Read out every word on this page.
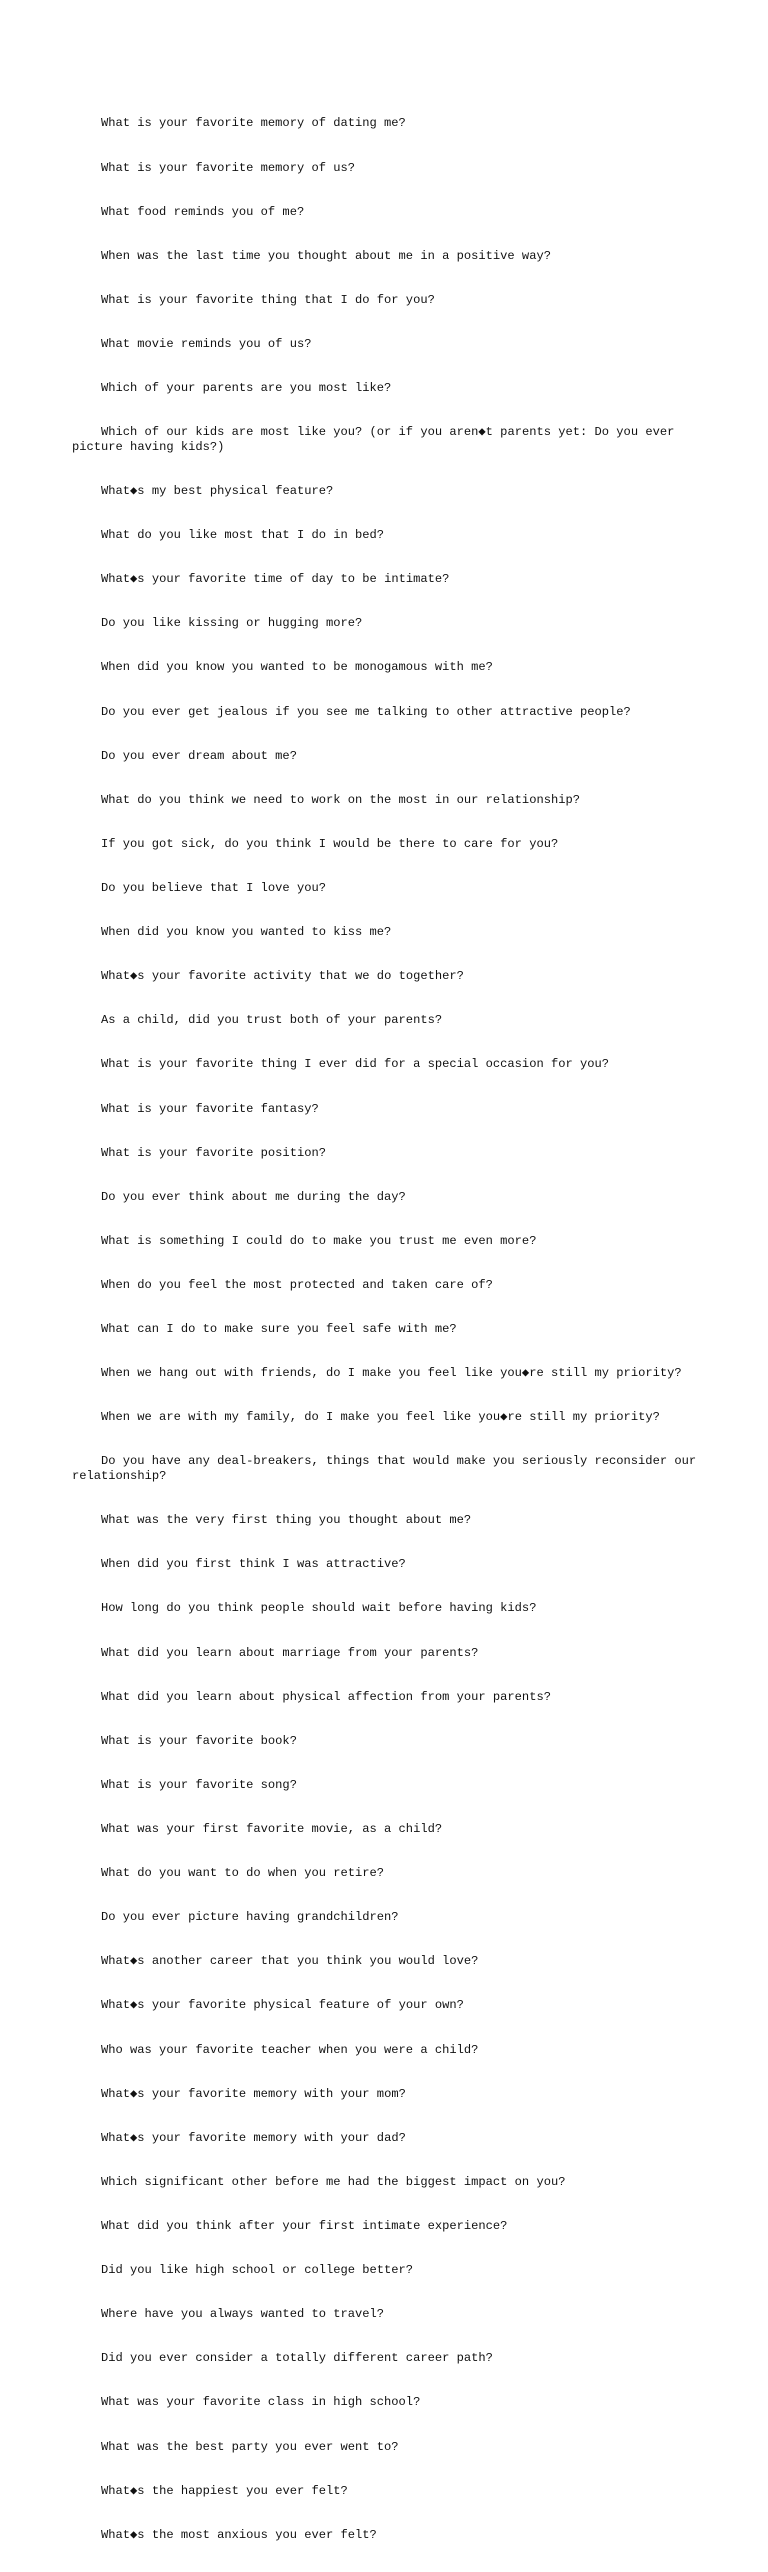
What is your favorite memory of dating me?

What is your favorite memory of us?

What food reminds you of me?

When was the last time you thought about me in a positive way?

What is your favorite thing that I do for you?

What movie reminds you of us?

Which of your parents are you most like?

Which of our kids are most like you? (or if you aren◆t parents yet: Do you ever picture having kids?)

What◆s my best physical feature?

What do you like most that I do in bed?

What◆s your favorite time of day to be intimate?

Do you like kissing or hugging more?

When did you know you wanted to be monogamous with me?

Do you ever get jealous if you see me talking to other attractive people?

Do you ever dream about me?

What do you think we need to work on the most in our relationship?

If you got sick, do you think I would be there to care for you?

Do you believe that I love you?

When did you know you wanted to kiss me?

What◆s your favorite activity that we do together?

As a child, did you trust both of your parents?

What is your favorite thing I ever did for a special occasion for you?

What is your favorite fantasy?

What is your favorite position?

Do you ever think about me during the day?

What is something I could do to make you trust me even more?

When do you feel the most protected and taken care of?

What can I do to make sure you feel safe with me?

When we hang out with friends, do I make you feel like you◆re still my priority?

When we are with my family, do I make you feel like you◆re still my priority?

Do you have any deal-breakers, things that would make you seriously reconsider our relationship?

What was the very first thing you thought about me?

When did you first think I was attractive?

How long do you think people should wait before having kids?

What did you learn about marriage from your parents?

What did you learn about physical affection from your parents?

What is your favorite book?

What is your favorite song?

What was your first favorite movie, as a child?

What do you want to do when you retire?

Do you ever picture having grandchildren?

What◆s another career that you think you would love?

What◆s your favorite physical feature of your own?

Who was your favorite teacher when you were a child?

What◆s your favorite memory with your mom?

What◆s your favorite memory with your dad?

Which significant other before me had the biggest impact on you?

What did you think after your first intimate experience?

Did you like high school or college better?

Where have you always wanted to travel?

Did you ever consider a totally different career path?

What was your favorite class in high school?

What was the best party you ever went to?

What◆s the happiest you ever felt?

What◆s the most anxious you ever felt?
